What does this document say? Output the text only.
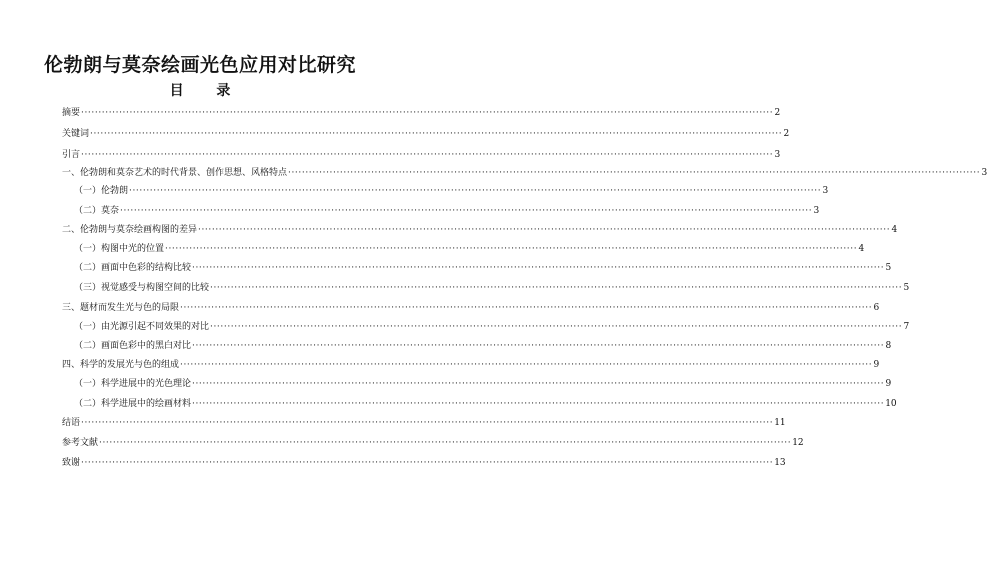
伦勃朗与莫奈绘画光色应用对比研究
目 录
摘要 ········································································································································································································ 2
关键词 ········································································································································································································ 2
引言 ········································································································································································································ 3
一、伦勃朗和莫奈艺术的时代背景、创作思想、风格特点 ········································································································································································································ 3
（一）伦勃朗 ········································································································································································································ 3
（二）莫奈 ········································································································································································································ 3
二、伦勃朗与莫奈绘画构图的差异 ········································································································································································································ 4
（一）构图中光的位置 ········································································································································································································ 4
（二）画面中色彩的结构比较 ········································································································································································································ 5
（三）视觉感受与构图空间的比较 ········································································································································································································ 5
三、题材而发生光与色的局限 ········································································································································································································ 6
（一）由光源引起不同效果的对比 ········································································································································································································ 7
（二）画面色彩中的黑白对比 ········································································································································································································ 8
四、科学的发展光与色的组成 ········································································································································································································ 9
（一）科学进展中的光色理论 ········································································································································································································ 9
（二）科学进展中的绘画材料 ········································································································································································································ 10
结语 ········································································································································································································ 11
参考文献 ········································································································································································································ 12
致谢 ········································································································································································································ 13
